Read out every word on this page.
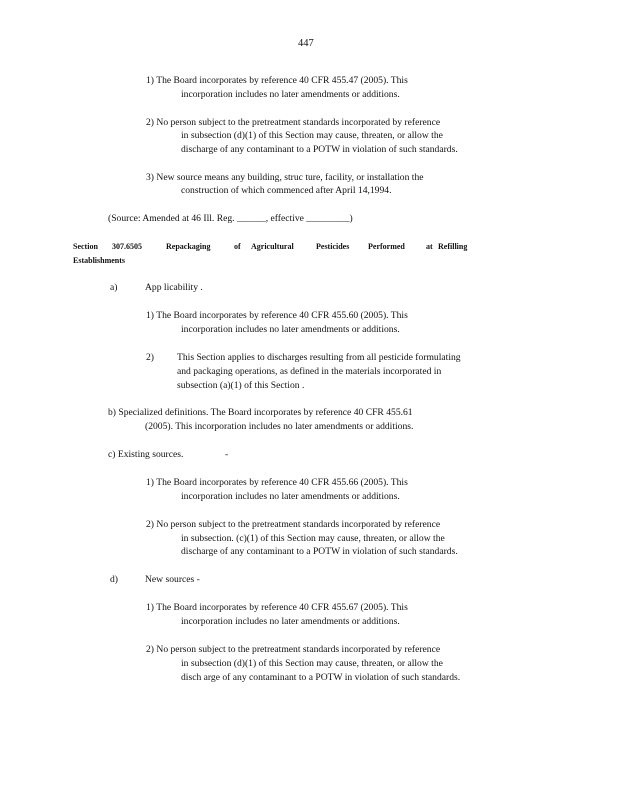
447
1) The Board incorporates by reference 40 CFR 455.47 (2005). This
incorporation includes no later amendments or additions.
2) No person subject to the pretreatment standards incorporated by reference
in subsection (d)(1) of this Section may cause, threaten, or allow the
discharge of any contaminant to a POTW in violation of such standards.
3) New source means any building, struc ture, facility, or installation the
construction of which commenced after April 14,1994.
(Source: Amended at 46 Ill. Reg. ______, effective _________)
Section 307.6505	Repackaging	of Agricultural	Pesticides Performed	at Refilling
Establishments
a)	App licability .
1) The Board incorporates by reference 40 CFR 455.60 (2005). This
incorporation includes no later amendments or additions.
2) This Section applies to discharges resulting from all pesticide formulating
and packaging operations, as defined in the materials incorporated in
subsection (a)(1) of this Section .
b) Specialized definitions. The Board incorporates by reference 40 CFR 455.61
(2005). This incorporation includes no later amendments or additions.
c) Existing sources.	-
1) The Board incorporates by reference 40 CFR 455.66 (2005). This
incorporation includes no later amendments or additions.
2) No person subject to the pretreatment standards incorporated by reference
in subsection. (c)(1) of this Section may cause, threaten, or allow the
discharge of any contaminant to a POTW in violation of such standards.
d)	New sources -
1) The Board incorporates by reference 40 CFR 455.67 (2005). This
incorporation includes no later amendments or additions.
2) No person subject to the pretreatment standards incorporated by reference
in subsection (d)(1) of this Section may cause, threaten, or allow the
disch arge of any contaminant to a POTW in violation of such standards.
